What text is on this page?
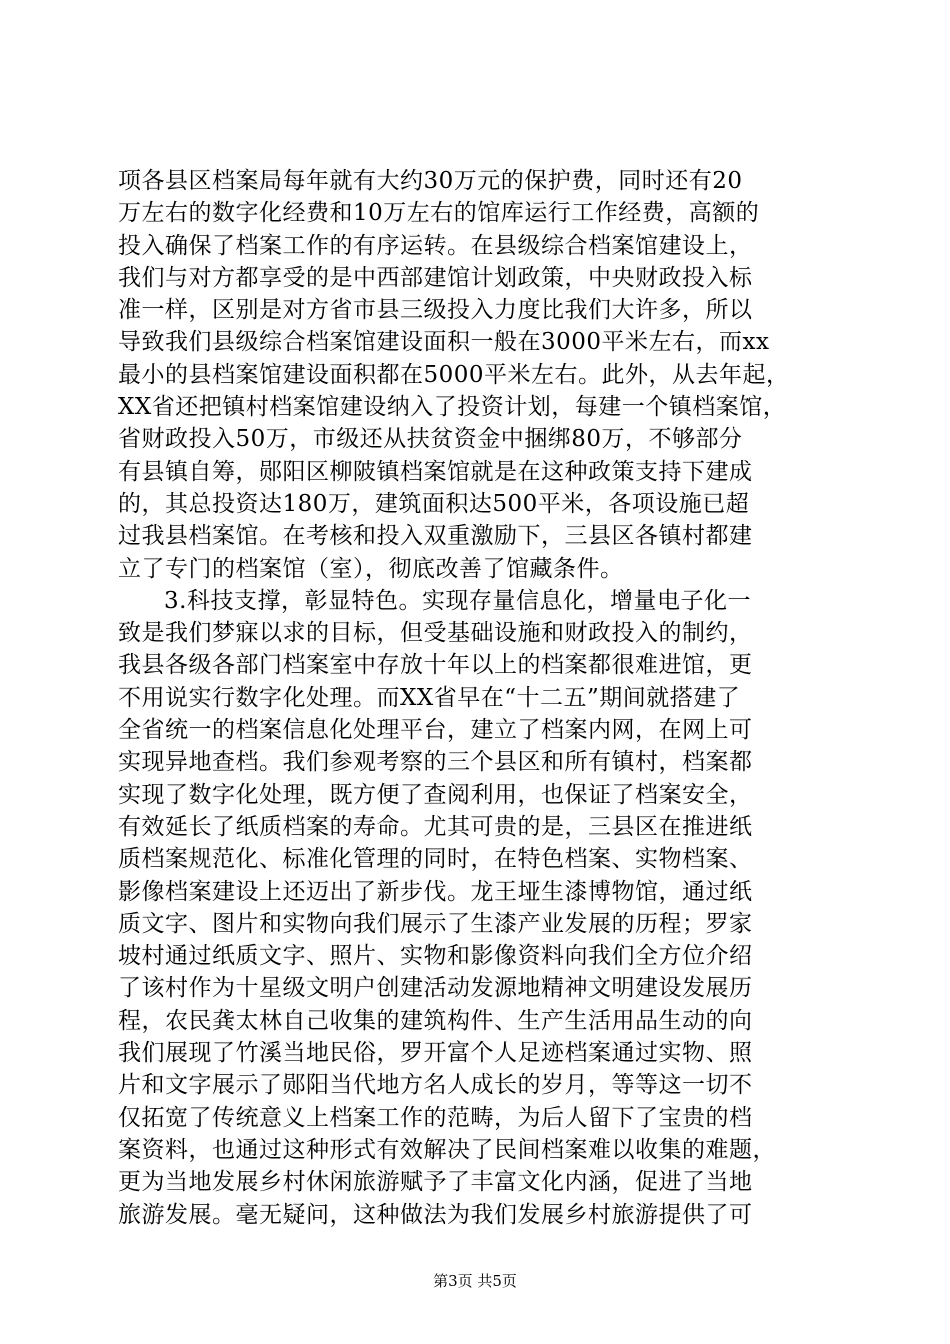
项各县区档案局每年就有大约30万元的保护费，同时还有20
万左右的数字化经费和10万左右的馆库运行工作经费，高额的
投入确保了档案工作的有序运转。在县级综合档案馆建设上，
我们与对方都享受的是中西部建馆计划政策，中央财政投入标
准一样，区别是对方省市县三级投入力度比我们大许多，所以
导致我们县级综合档案馆建设面积一般在3000平米左右，而xx
最小的县档案馆建设面积都在5000平米左右。此外，从去年起，
XX省还把镇村档案馆建设纳入了投资计划，每建一个镇档案馆，
省财政投入50万，市级还从扶贫资金中捆绑80万，不够部分
有县镇自筹，郧阳区柳陂镇档案馆就是在这种政策支持下建成
的，其总投资达180万，建筑面积达500平米，各项设施已超
过我县档案馆。在考核和投入双重激励下，三县区各镇村都建
立了专门的档案馆（室），彻底改善了馆藏条件。
3.科技支撑，彰显特色。实现存量信息化，增量电子化一
致是我们梦寐以求的目标，但受基础设施和财政投入的制约，
我县各级各部门档案室中存放十年以上的档案都很难进馆，更
不用说实行数字化处理。而XX省早在“十二五”期间就搭建了
全省统一的档案信息化处理平台，建立了档案内网，在网上可
实现异地查档。我们参观考察的三个县区和所有镇村，档案都
实现了数字化处理，既方便了查阅利用，也保证了档案安全，
有效延长了纸质档案的寿命。尤其可贵的是，三县区在推进纸
质档案规范化、标准化管理的同时，在特色档案、实物档案、
影像档案建设上还迈出了新步伐。龙王垭生漆博物馆，通过纸
质文字、图片和实物向我们展示了生漆产业发展的历程；罗家
坡村通过纸质文字、照片、实物和影像资料向我们全方位介绍
了该村作为十星级文明户创建活动发源地精神文明建设发展历
程，农民龚太林自己收集的建筑构件、生产生活用品生动的向
我们展现了竹溪当地民俗，罗开富个人足迹档案通过实物、照
片和文字展示了郧阳当代地方名人成长的岁月，等等这一切不
仅拓宽了传统意义上档案工作的范畴，为后人留下了宝贵的档
案资料，也通过这种形式有效解决了民间档案难以收集的难题，
更为当地发展乡村休闲旅游赋予了丰富文化内涵，促进了当地
旅游发展。毫无疑问，这种做法为我们发展乡村旅游提供了可
第3页 共5页
